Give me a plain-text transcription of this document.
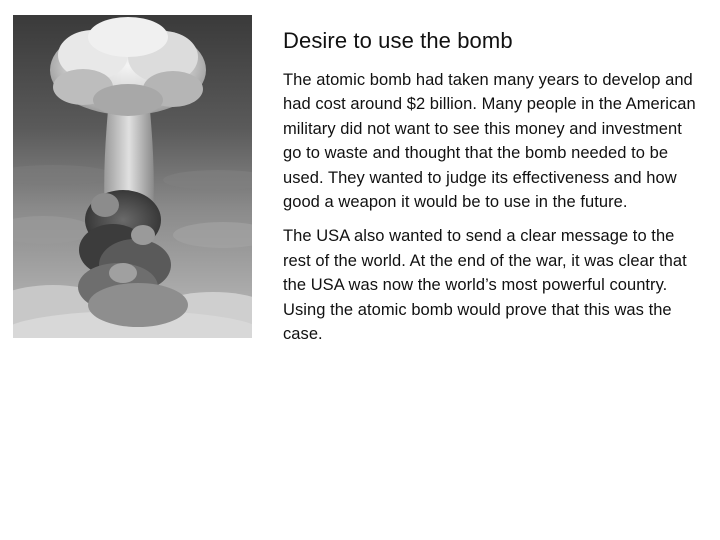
Desire to use the bomb

The atomic bomb had taken many years to develop and had cost around $2 billion. Many people in the American military did not want to see this money and investment go to waste and thought that the bomb needed to be used. They wanted to judge its effectiveness and how good a weapon it would be to use in the future.

The USA also wanted to send a clear message to the rest of the world. At the end of the war, it was clear that the USA was now the world’s most powerful country. Using the atomic bomb would prove that this was the case.
